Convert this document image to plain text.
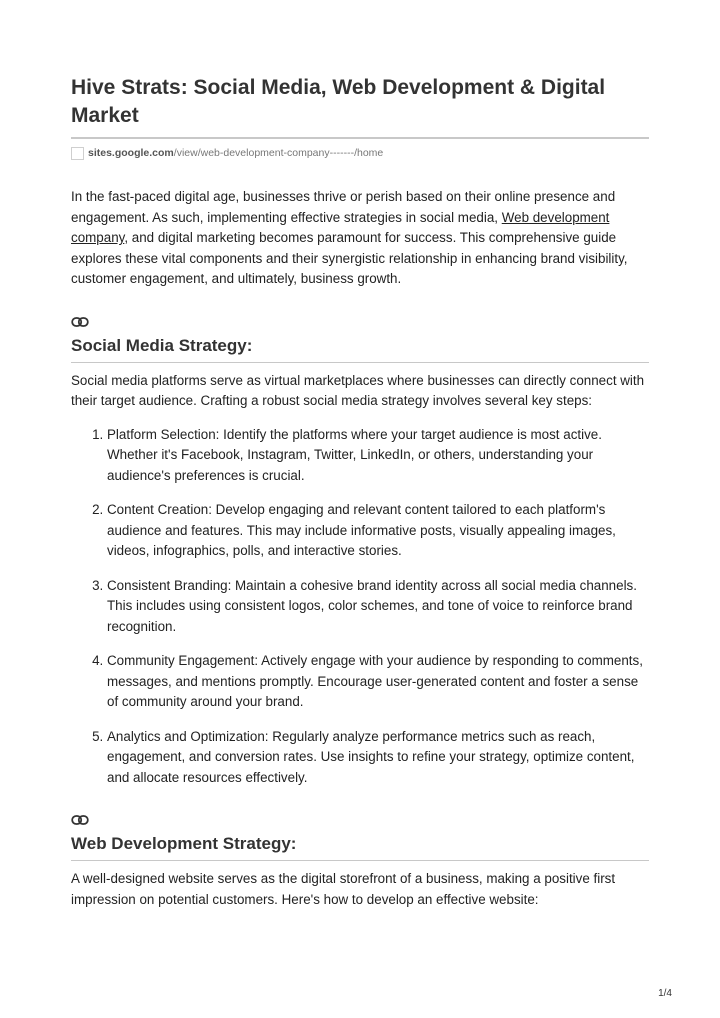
Hive Strats: Social Media, Web Development & Digital Market
sites.google.com/view/web-development-company-------/home

In the fast-paced digital age, businesses thrive or perish based on their online presence and engagement. As such, implementing effective strategies in social media, Web development company, and digital marketing becomes paramount for success. This comprehensive guide explores these vital components and their synergistic relationship in enhancing brand visibility, customer engagement, and ultimately, business growth.

Social Media Strategy:

Social media platforms serve as virtual marketplaces where businesses can directly connect with their target audience. Crafting a robust social media strategy involves several key steps:

1. Platform Selection: Identify the platforms where your target audience is most active. Whether it's Facebook, Instagram, Twitter, LinkedIn, or others, understanding your audience's preferences is crucial.
2. Content Creation: Develop engaging and relevant content tailored to each platform's audience and features. This may include informative posts, visually appealing images, videos, infographics, polls, and interactive stories.
3. Consistent Branding: Maintain a cohesive brand identity across all social media channels. This includes using consistent logos, color schemes, and tone of voice to reinforce brand recognition.
4. Community Engagement: Actively engage with your audience by responding to comments, messages, and mentions promptly. Encourage user-generated content and foster a sense of community around your brand.
5. Analytics and Optimization: Regularly analyze performance metrics such as reach, engagement, and conversion rates. Use insights to refine your strategy, optimize content, and allocate resources effectively.
Web Development Strategy:

A well-designed website serves as the digital storefront of a business, making a positive first impression on potential customers. Here's how to develop an effective website:

1/4
